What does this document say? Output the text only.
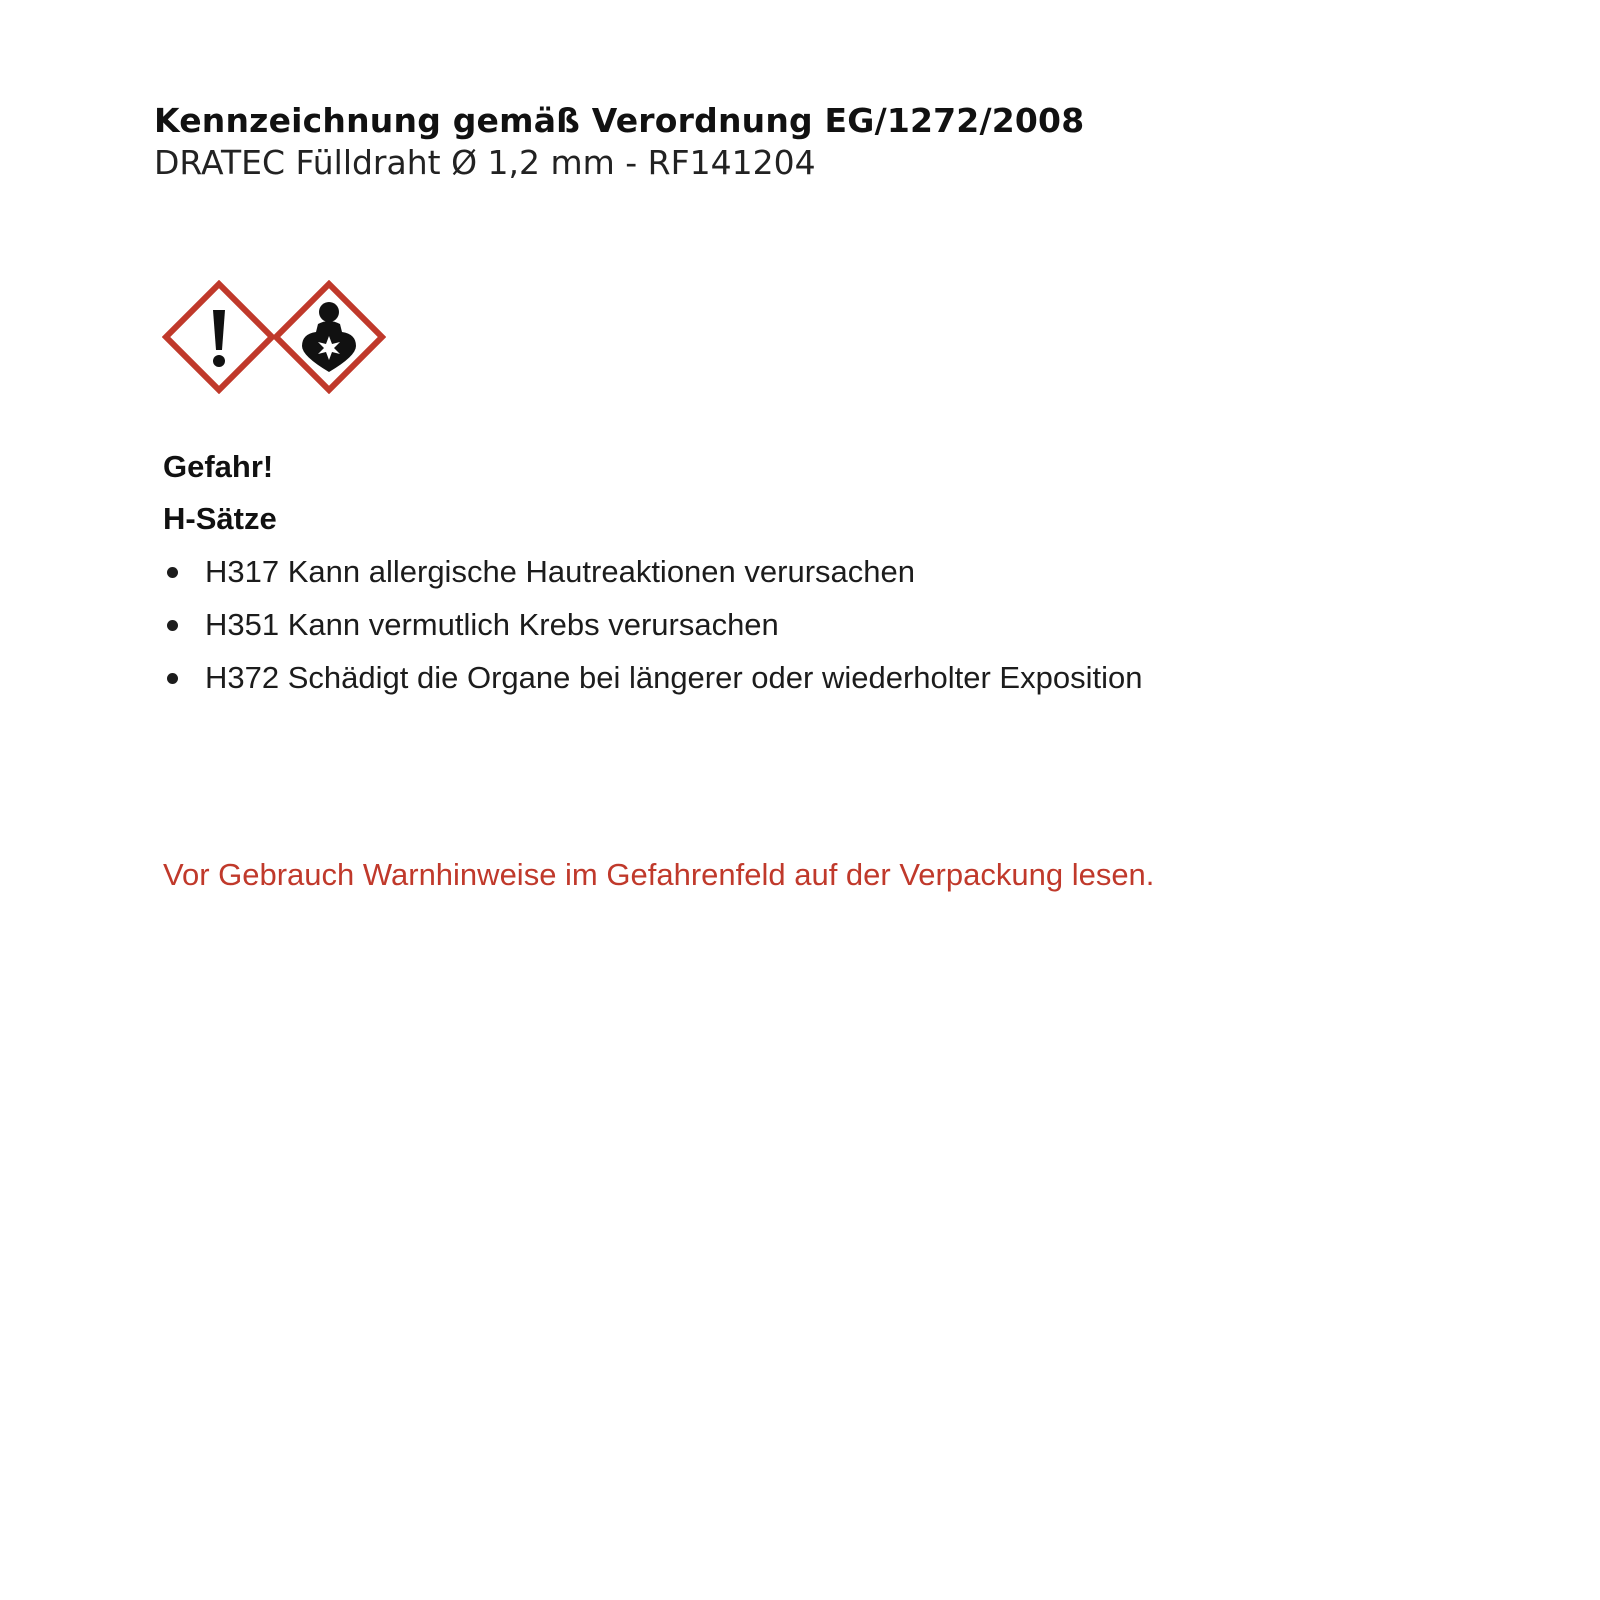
Kennzeichnung gemäß Verordnung EG/1272/2008
DRATEC Fülldraht Ø 1,2 mm - RF141204
Gefahr!
H-Sätze
H317 Kann allergische Hautreaktionen verursachen
H351 Kann vermutlich Krebs verursachen
H372 Schädigt die Organe bei längerer oder wiederholter Exposition
Vor Gebrauch Warnhinweise im Gefahrenfeld auf der Verpackung lesen.
